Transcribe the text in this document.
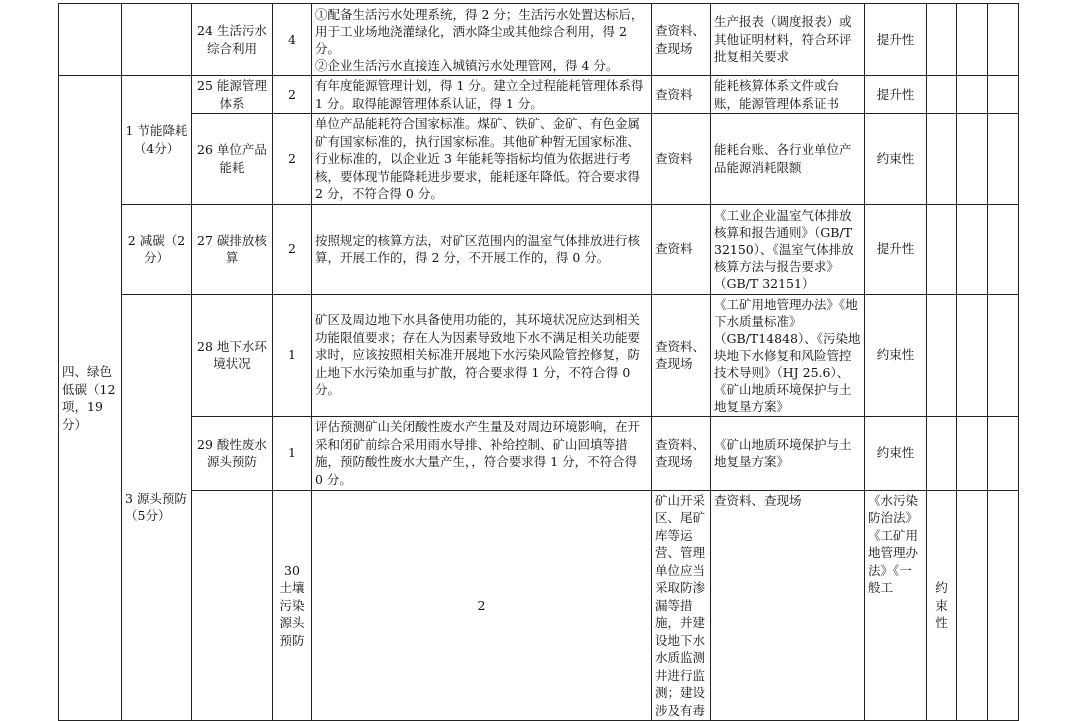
		24 生活污水综合利用	4	①配备生活污水处理系统，得 2 分；生活污水处置达标后，用于工业场地浇灌绿化，洒水降尘或其他综合利用，得 2 分。
②企业生活污水直接连入城镇污水处理管网，得 4 分。	查资料、查现场	生产报表（调度报表）或其他证明材料，符合环评批复相关要求	提升性				
四、绿色低碳（12项，19分）	1 节能降耗（4分）	25 能源管理体系	2	有年度能源管理计划，得 1 分。建立全过程能耗管理体系得 1 分。取得能源管理体系认证，得 1 分。	查资料	能耗核算体系文件或台账，能源管理体系证书	提升性				
		26 单位产品能耗	2	单位产品能耗符合国家标准。煤矿、铁矿、金矿、有色金属矿有国家标准的，执行国家标准。其他矿种暂无国家标准、行业标准的，以企业近 3 年能耗等指标均值为依据进行考核，要体现节能降耗进步要求，能耗逐年降低。符合要求得 2 分，不符合得 0 分。	查资料	能耗台账、各行业单位产品能源消耗限额	约束性				
	2 减碳（2分）	27 碳排放核算	2	按照规定的核算方法，对矿区范围内的温室气体排放进行核算，开展工作的，得 2 分，不开展工作的，得 0 分。	查资料	《工业企业温室气体排放核算和报告通则》（GB/T 32150）、《温室气体排放核算方法与报告要求》（GB/T 32151）	提升性				
	3 源头预防（5分）	28 地下水环境状况	1	矿区及周边地下水具备使用功能的，其环境状况应达到相关功能限值要求；存在人为因素导致地下水不满足相关功能要求时，应该按照相关标准开展地下水污染风险管控修复，防止地下水污染加重与扩散，符合要求得 1 分，不符合得 0 分。	查资料、查现场	《工矿用地管理办法》《地下水质量标准》（GB/T14848）、《污染地块地下水修复和风险管控技术导则》（HJ 25.6）、《矿山地质环境保护与土地复垦方案》	约束性				
		29 酸性废水源头预防	1	评估预测矿山关闭酸性废水产生量及对周边环境影响，在开采和闭矿前综合采用雨水导排、补给控制、矿山回填等措施，预防酸性废水大量产生，，符合要求得 1 分，不符合得 0 分。	查资料、查现场	《矿山地质环境保护与土地复垦方案》	约束性				
			30 土壤污染源头预防	2	矿山开采区、尾矿库等运营、管理单位应当采取防渗漏等措施，并建设地下水水质监测井进行监测；建设涉及有毒	查资料、查现场	《水污染防治法》《工矿用地管理办法》《一般工	约束性			
